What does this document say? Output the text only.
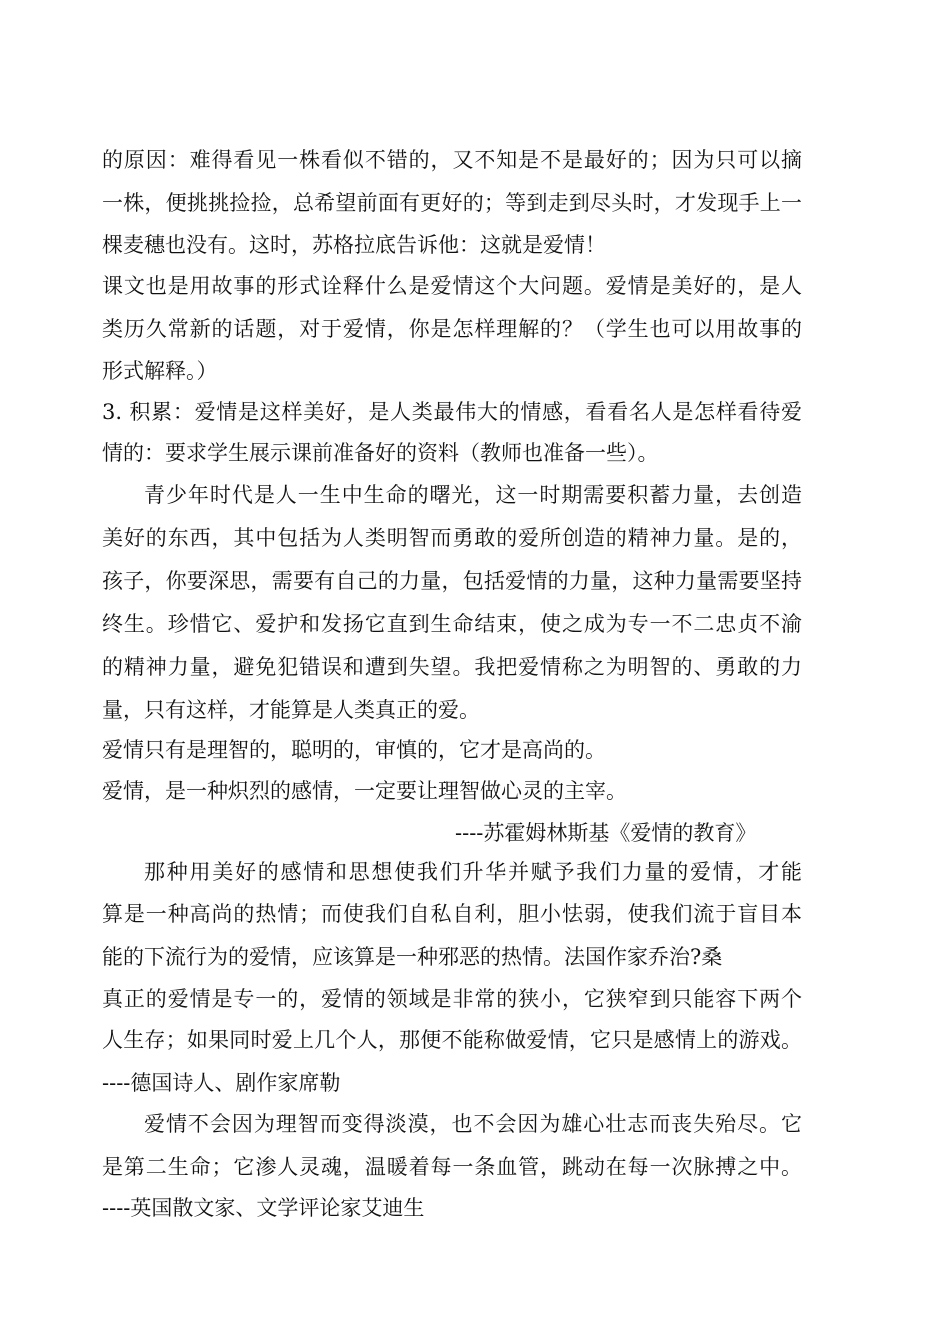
的原因：难得看见一株看似不错的，又不知是不是最好的；因为只可以摘
一株，便挑挑捡捡，总希望前面有更好的；等到走到尽头时，才发现手上一
棵麦穗也没有。这时，苏格拉底告诉他：这就是爱情！
课文也是用故事的形式诠释什么是爱情这个大问题。爱情是美好的，是人
类历久常新的话题，对于爱情，你是怎样理解的？（学生也可以用故事的
形式解释。）
3. 积累：爱情是这样美好，是人类最伟大的情感，看看名人是怎样看待爱
情的：要求学生展示课前准备好的资料（教师也准备一些）。
青少年时代是人一生中生命的曙光，这一时期需要积蓄力量，去创造
美好的东西，其中包括为人类明智而勇敢的爱所创造的精神力量。是的，
孩子，你要深思，需要有自己的力量，包括爱情的力量，这种力量需要坚持
终生。珍惜它、爱护和发扬它直到生命结束，使之成为专一不二忠贞不渝
的精神力量，避免犯错误和遭到失望。我把爱情称之为明智的、勇敢的力
量，只有这样，才能算是人类真正的爱。
爱情只有是理智的，聪明的，审慎的，它才是高尚的。
爱情，是一种炽烈的感情，一定要让理智做心灵的主宰。
----苏霍姆林斯基《爱情的教育》
那种用美好的感情和思想使我们升华并赋予我们力量的爱情，才能
算是一种高尚的热情；而使我们自私自利，胆小怯弱，使我们流于盲目本
能的下流行为的爱情，应该算是一种邪恶的热情。法国作家乔治?桑
真正的爱情是专一的，爱情的领域是非常的狭小，它狭窄到只能容下两个
人生存；如果同时爱上几个人，那便不能称做爱情，它只是感情上的游戏。
----德国诗人、剧作家席勒
爱情不会因为理智而变得淡漠，也不会因为雄心壮志而丧失殆尽。它
是第二生命；它渗人灵魂，温暖着每一条血管，跳动在每一次脉搏之中。
----英国散文家、文学评论家艾迪生
